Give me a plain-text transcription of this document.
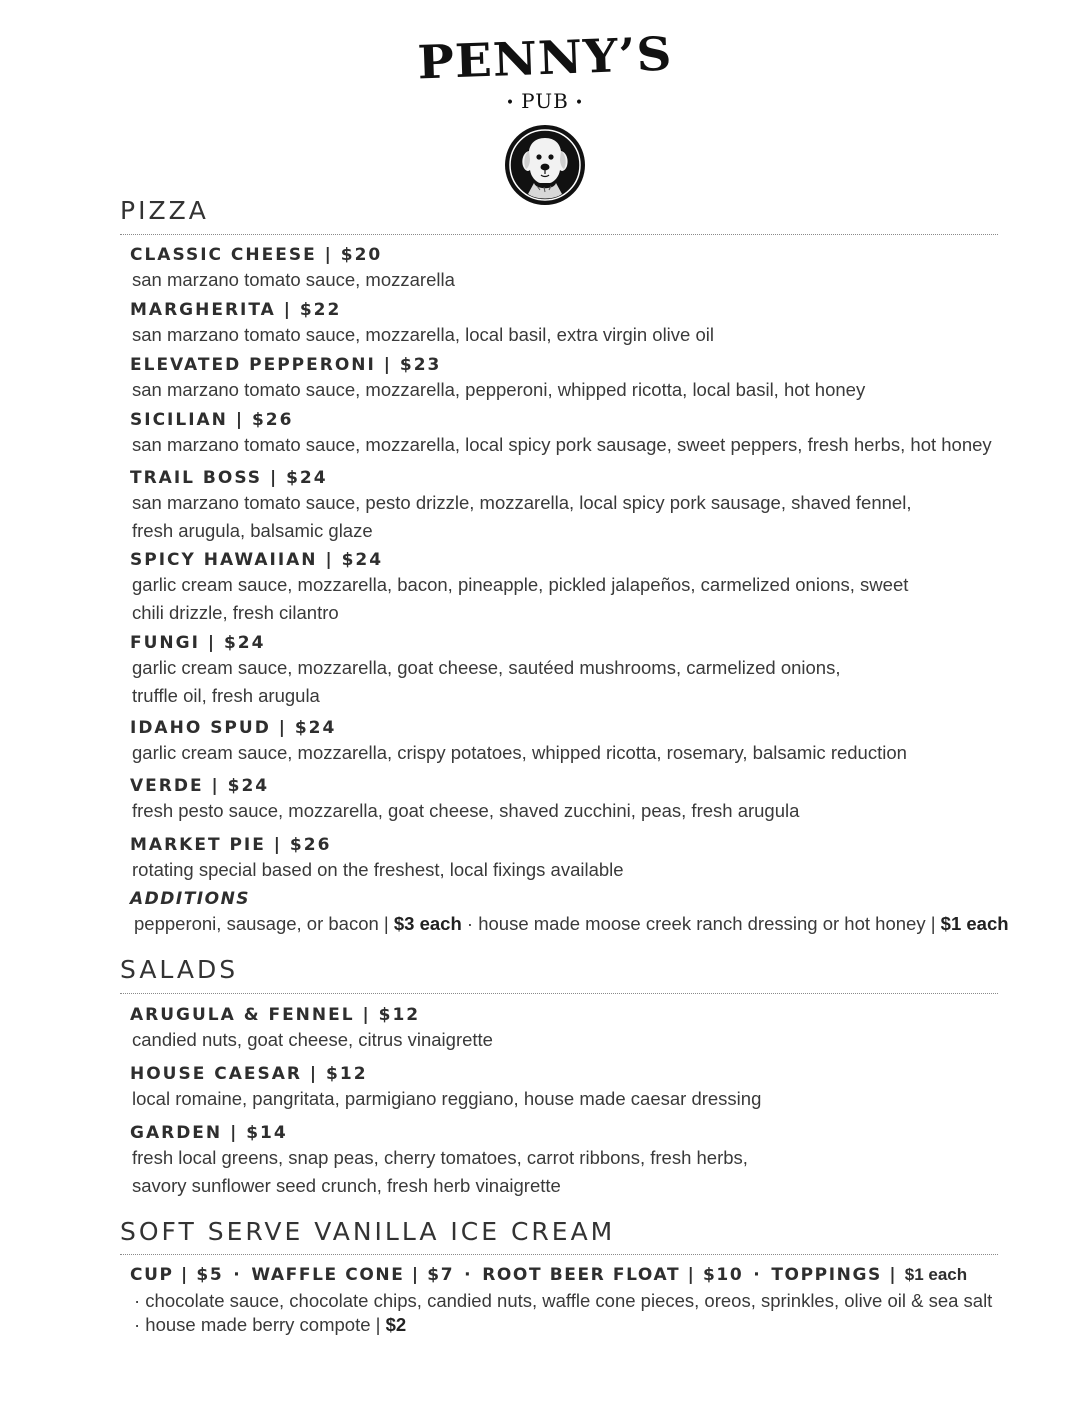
PENNY’S
• PUB •
PIZZA
CLASSIC CHEESE | $20
san marzano tomato sauce, mozzarella
MARGHERITA | $22
san marzano tomato sauce, mozzarella, local basil, extra virgin olive oil
ELEVATED PEPPERONI | $23
san marzano tomato sauce, mozzarella, pepperoni, whipped ricotta, local basil, hot honey
SICILIAN | $26
san marzano tomato sauce, mozzarella, local spicy pork sausage, sweet peppers, fresh herbs, hot honey
TRAIL BOSS | $24
san marzano tomato sauce, pesto drizzle, mozzarella, local spicy pork sausage, shaved fennel,
fresh arugula, balsamic glaze
SPICY HAWAIIAN | $24
garlic cream sauce, mozzarella, bacon, pineapple, pickled jalapeños, carmelized onions, sweet
chili drizzle, fresh cilantro
FUNGI | $24
garlic cream sauce, mozzarella, goat cheese, sautéed mushrooms, carmelized onions,
truffle oil, fresh arugula
IDAHO SPUD | $24
garlic cream sauce, mozzarella, crispy potatoes, whipped ricotta, rosemary, balsamic reduction
VERDE | $24
fresh pesto sauce, mozzarella, goat cheese, shaved zucchini, peas, fresh arugula
MARKET PIE | $26
rotating special based on the freshest, local fixings available
ADDITIONS
pepperoni, sausage, or bacon | $3 each · house made moose creek ranch dressing or hot honey | $1 each
SALADS
ARUGULA & FENNEL | $12
candied nuts, goat cheese, citrus vinaigrette
HOUSE CAESAR | $12
local romaine, pangritata, parmigiano reggiano, house made caesar dressing
GARDEN | $14
fresh local greens, snap peas, cherry tomatoes, carrot ribbons, fresh herbs,
savory sunflower seed crunch, fresh herb vinaigrette
SOFT SERVE VANILLA ICE CREAM
CUP | $5 · WAFFLE CONE | $7 · ROOT BEER FLOAT | $10 · TOPPINGS | $1 each
· chocolate sauce, chocolate chips, candied nuts, waffle cone pieces, oreos, sprinkles, olive oil & sea salt
· house made berry compote | $2
